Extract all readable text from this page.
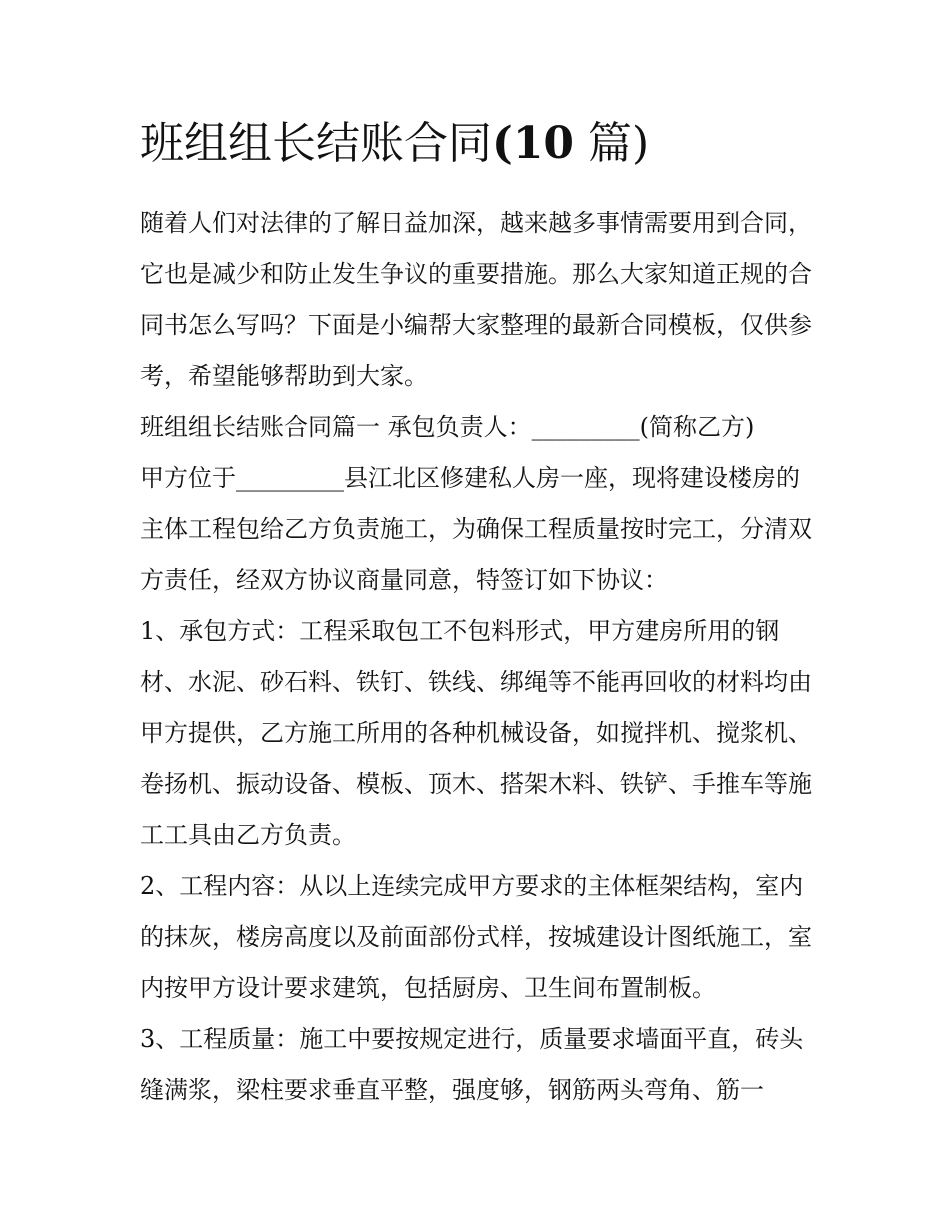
班组组长结账合同(10 篇)

随着人们对法律的了解日益加深，越来越多事情需要用到合同，它也是减少和防止发生争议的重要措施。那么大家知道正规的合同书怎么写吗？下面是小编帮大家整理的最新合同模板，仅供参考，希望能够帮助到大家。

班组组长结账合同篇一 承包负责人：_________(简称乙方)

甲方位于_________县江北区修建私人房一座，现将建设楼房的主体工程包给乙方负责施工，为确保工程质量按时完工，分清双方责任，经双方协议商量同意，特签订如下协议：

1、承包方式：工程采取包工不包料形式，甲方建房所用的钢材、水泥、砂石料、铁钉、铁线、绑绳等不能再回收的材料均由甲方提供，乙方施工所用的各种机械设备，如搅拌机、搅浆机、卷扬机、振动设备、模板、顶木、搭架木料、铁铲、手推车等施工工具由乙方负责。

2、工程内容：从以上连续完成甲方要求的主体框架结构，室内的抹灰，楼房高度以及前面部份式样，按城建设计图纸施工，室内按甲方设计要求建筑，包括厨房、卫生间布置制板。

3、工程质量：施工中要按规定进行，质量要求墙面平直，砖头缝满浆，梁柱要求垂直平整，强度够，钢筋两头弯角、筋一
